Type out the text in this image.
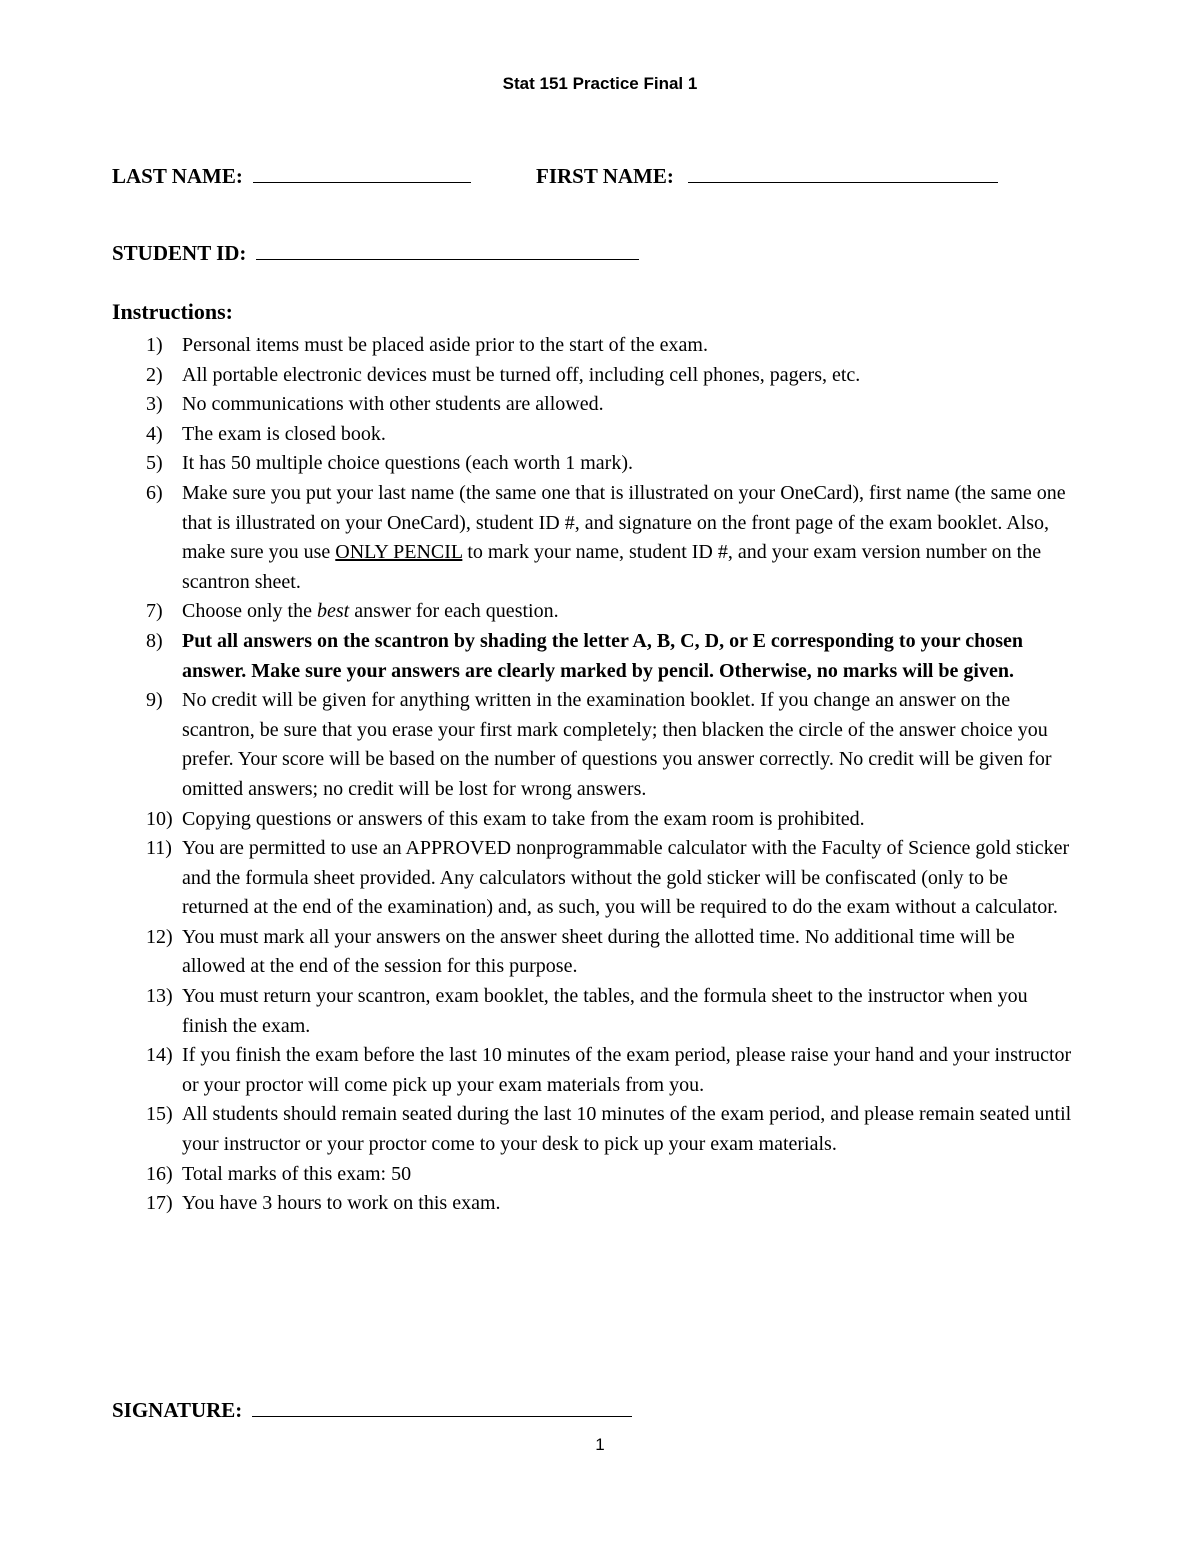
Stat 151 Practice Final 1
LAST NAME:	FIRST NAME:
STUDENT ID:
Instructions:
1) Personal items must be placed aside prior to the start of the exam.
2) All portable electronic devices must be turned off, including cell phones, pagers, etc.
3) No communications with other students are allowed.
4) The exam is closed book.
5) It has 50 multiple choice questions (each worth 1 mark).
6) Make sure you put your last name (the same one that is illustrated on your OneCard), first name (the same one that is illustrated on your OneCard), student ID #, and signature on the front page of the exam booklet. Also, make sure you use ONLY PENCIL to mark your name, student ID #, and your exam version number on the scantron sheet.
7) Choose only the best answer for each question.
8) Put all answers on the scantron by shading the letter A, B, C, D, or E corresponding to your chosen answer. Make sure your answers are clearly marked by pencil. Otherwise, no marks will be given.
9) No credit will be given for anything written in the examination booklet. If you change an answer on the scantron, be sure that you erase your first mark completely; then blacken the circle of the answer choice you prefer. Your score will be based on the number of questions you answer correctly. No credit will be given for omitted answers; no credit will be lost for wrong answers.
10) Copying questions or answers of this exam to take from the exam room is prohibited.
11) You are permitted to use an APPROVED nonprogrammable calculator with the Faculty of Science gold sticker and the formula sheet provided. Any calculators without the gold sticker will be confiscated (only to be returned at the end of the examination) and, as such, you will be required to do the exam without a calculator.
12) You must mark all your answers on the answer sheet during the allotted time. No additional time will be allowed at the end of the session for this purpose.
13) You must return your scantron, exam booklet, the tables, and the formula sheet to the instructor when you finish the exam.
14) If you finish the exam before the last 10 minutes of the exam period, please raise your hand and your instructor or your proctor will come pick up your exam materials from you.
15) All students should remain seated during the last 10 minutes of the exam period, and please remain seated until your instructor or your proctor come to your desk to pick up your exam materials.
16) Total marks of this exam: 50
17) You have 3 hours to work on this exam.
SIGNATURE:
1
